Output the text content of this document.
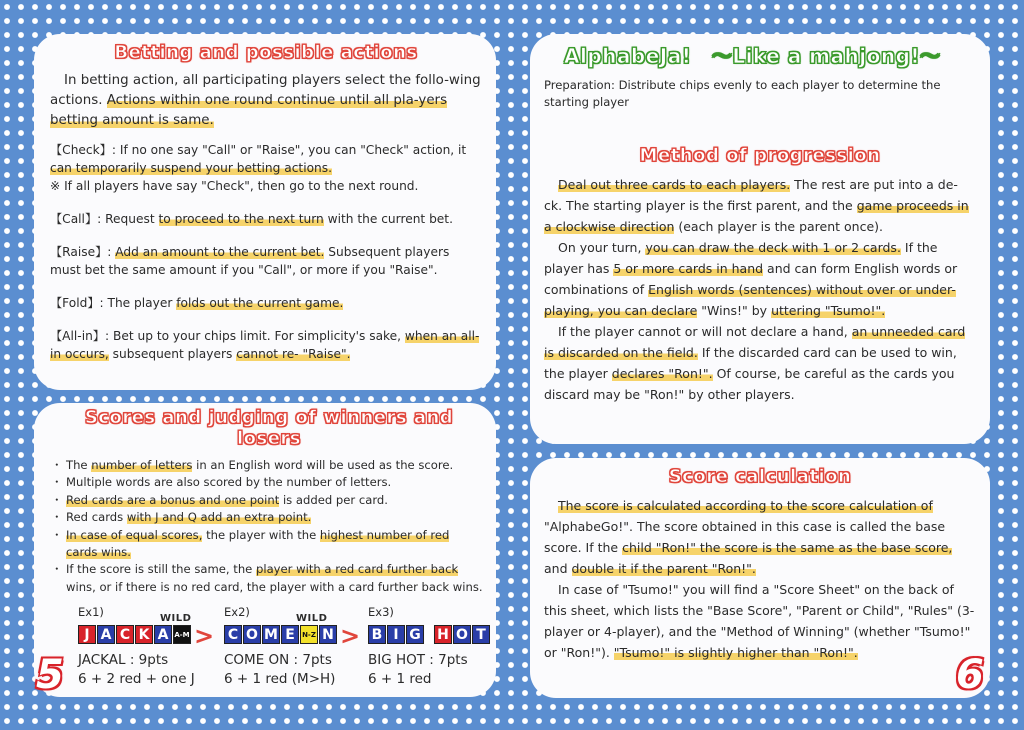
Betting and possible actions

In betting action, all participating players select the follo-wing actions. Actions within one round continue until all pla-yers betting amount is same.

【Check】: If no one say "Call" or "Raise", you can "Check" action, it can temporarily suspend your betting actions.
※ If all players have say "Check", then go to the next round.

【Call】: Request to proceed to the next turn with the current bet.

【Raise】: Add an amount to the current bet. Subsequent players must bet the same amount if you "Call", or more if you "Raise".

【Fold】: The player folds out the current game.

【All-in】: Bet up to your chips limit. For simplicity's sake, when an all-in occurs, subsequent players cannot re- "Raise".

Scores and judging of winners and losers
・ The number of letters in an English word will be used as the score.
・ Multiple words are also scored by the number of letters.
・ Red cards are a bonus and one point is added per card.
・ Red cards with J and Q add an extra point.
・ In case of equal scores, the player with the highest number of red cards wins.
・ If the score is still the same, the player with a red card further back wins, or if there is no red card, the player with a card further back wins.
Ex1)	WILD
J A C K A A-M >
JACKAL : 9pts
6 + 2 red + one J
Ex2)	WILD
C O M E	N-Z N >
COME ON : 7pts
6 + 1 red (M>H)
Ex3)
B I G H O T
BIG HOT : 7pts
6 + 1 red
5
AlphabeJa!　～Like a mahjong!～

Preparation: Distribute chips evenly to each player to determine the starting player

Method of progression

Deal out three cards to each players. The rest are put into a de-ck. The starting player is the first parent, and the game proceeds in a clockwise direction (each player is the parent once).

On your turn, you can draw the deck with 1 or 2 cards. If the player has 5 or more cards in hand and can form English words or combinations of English words (sentences) without over or under-playing, you can declare "Wins!" by uttering "Tsumo!".

If the player cannot or will not declare a hand, an unneeded card is discarded on the field. If the discarded card can be used to win, the player declares "Ron!". Of course, be careful as the cards you discard may be "Ron!" by other players.

Score calculation

The score is calculated according to the score calculation of "AlphabeGo!". The score obtained in this case is called the base score. If the child "Ron!" the score is the same as the base score, and double it if the parent "Ron!".

In case of "Tsumo!" you will find a "Score Sheet" on the back of this sheet, which lists the "Base Score", "Parent or Child", "Rules" (3-player or 4-player), and the "Method of Winning" (whether "Tsumo!" or "Ron!"). "Tsumo!" is slightly higher than "Ron!".	6
